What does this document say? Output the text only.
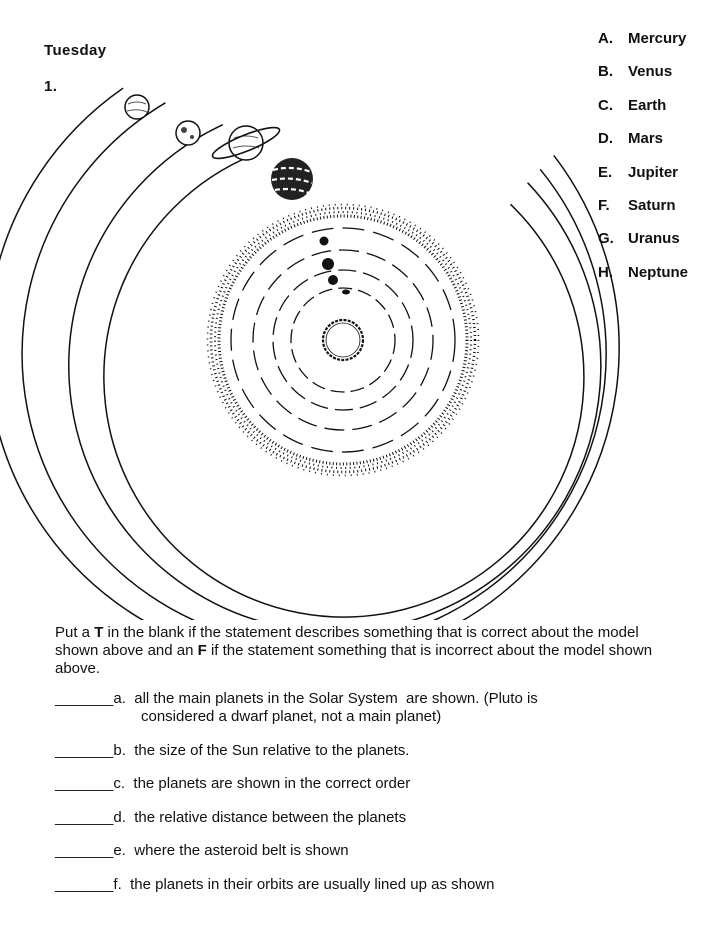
Tuesday
1.
A. Mercury
B. Venus
C. Earth
D. Mars
E. Jupiter
F. Saturn
G. Uranus
H. Neptune
Put a T in the blank if the statement describes something that is correct about the model shown above and an F if the statement something that is incorrect about the model shown above.
_______ a. all the main planets in the Solar System  are shown. (Pluto is
considered a dwarf planet, not a main planet)
_______b.  the size of the Sun relative to the planets.
_______c.  the planets are shown in the correct order
_______d.  the relative distance between the planets
_______e.  where the asteroid belt is shown
_______f.  the planets in their orbits are usually lined up as shown
